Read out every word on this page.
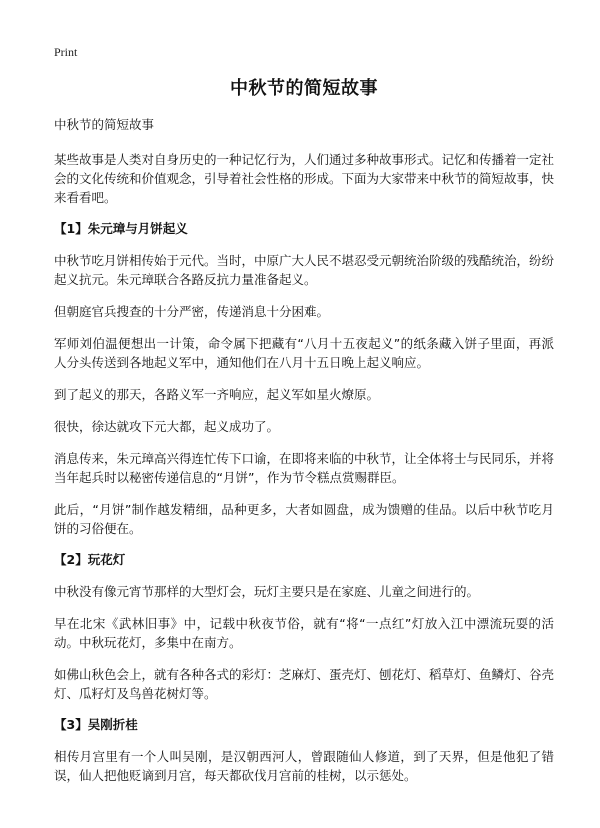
Print
中秋节的简短故事
中秋节的简短故事

某些故事是人类对自身历史的一种记忆行为，人们通过多种故事形式。记忆和传播着一定社会的文化传统和价值观念，引导着社会性格的形成。下面为大家带来中秋节的简短故事，快来看看吧。

【1】朱元璋与月饼起义

中秋节吃月饼相传始于元代。当时，中原广大人民不堪忍受元朝统治阶级的残酷统治，纷纷起义抗元。朱元璋联合各路反抗力量准备起义。

但朝庭官兵搜查的十分严密，传递消息十分困难。

军师刘伯温便想出一计策，命令属下把藏有“八月十五夜起义”的纸条藏入饼子里面，再派人分头传送到各地起义军中，通知他们在八月十五日晚上起义响应。

到了起义的那天，各路义军一齐响应，起义军如星火燎原。

很快，徐达就攻下元大都，起义成功了。

消息传来，朱元璋高兴得连忙传下口谕，在即将来临的中秋节，让全体将士与民同乐，并将当年起兵时以秘密传递信息的“月饼”，作为节令糕点赏赐群臣。

此后，“月饼”制作越发精细，品种更多，大者如圆盘，成为馈赠的佳品。以后中秋节吃月饼的习俗便在。

【2】玩花灯

中秋没有像元宵节那样的大型灯会，玩灯主要只是在家庭、儿童之间进行的。

早在北宋《武林旧事》中，记载中秋夜节俗，就有“将“一点红”灯放入江中漂流玩耍的活动。中秋玩花灯，多集中在南方。

如佛山秋色会上，就有各种各式的彩灯：芝麻灯、蛋壳灯、刨花灯、稻草灯、鱼鳞灯、谷壳灯、瓜籽灯及鸟兽花树灯等。

【3】吴刚折桂

相传月宫里有一个人叫吴刚，是汉朝西河人，曾跟随仙人修道，到了天界，但是他犯了错误，仙人把他贬谪到月宫，每天都砍伐月宫前的桂树，以示惩处。
